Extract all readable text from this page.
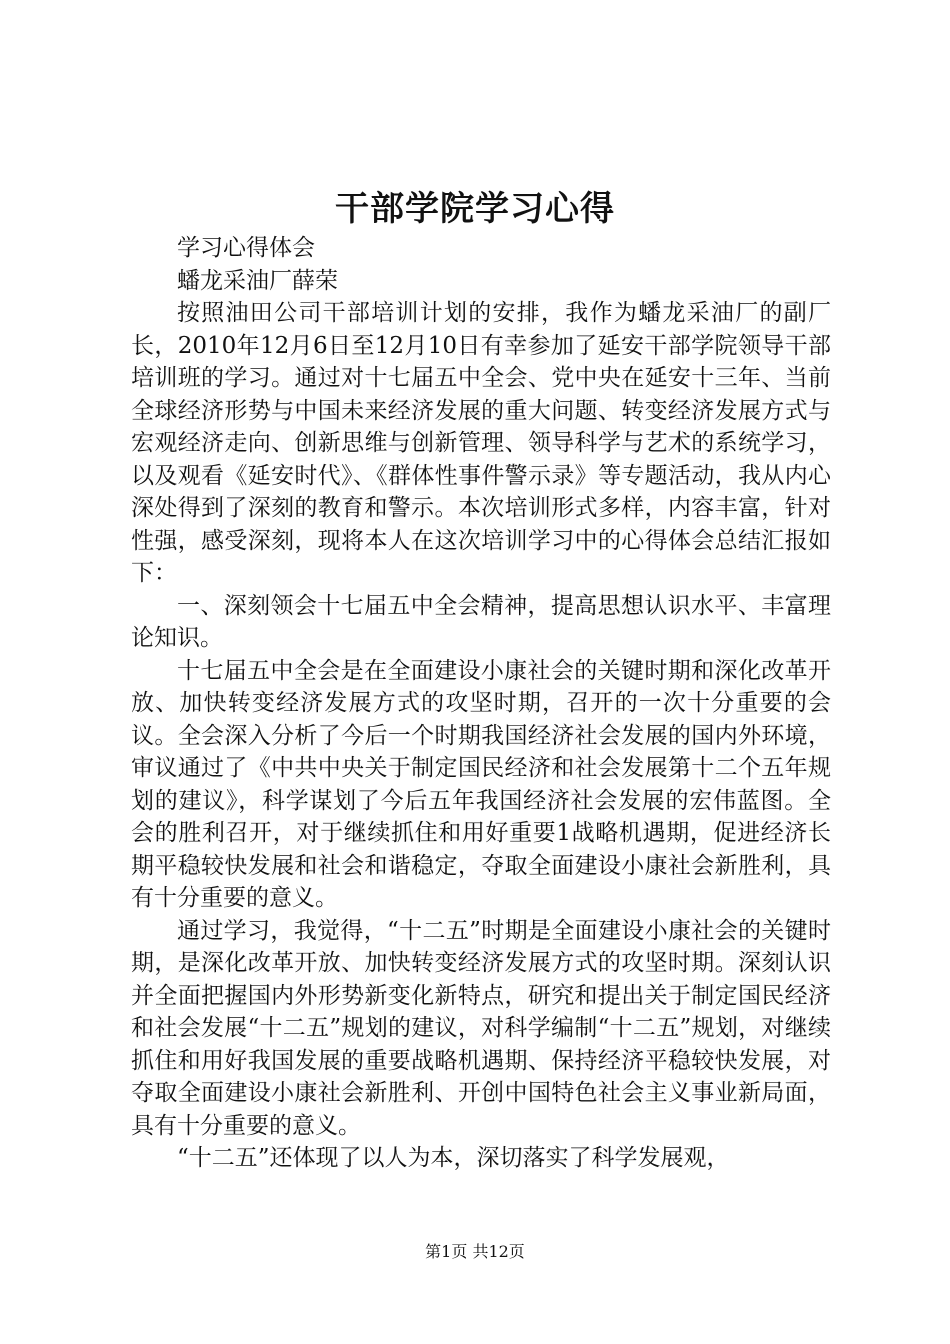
干部学院学习心得

学习心得体会

蟠龙采油厂薛荣

按照油田公司干部培训计划的安排，我作为蟠龙采油厂的副厂长，2010年12月6日至12月10日有幸参加了延安干部学院领导干部培训班的学习。通过对十七届五中全会、党中央在延安十三年、当前全球经济形势与中国未来经济发展的重大问题、转变经济发展方式与宏观经济走向、创新思维与创新管理、领导科学与艺术的系统学习，以及观看《延安时代》、《群体性事件警示录》等专题活动，我从内心深处得到了深刻的教育和警示。本次培训形式多样，内容丰富，针对性强，感受深刻，现将本人在这次培训学习中的心得体会总结汇报如下：

一、深刻领会十七届五中全会精神，提高思想认识水平、丰富理论知识。

十七届五中全会是在全面建设小康社会的关键时期和深化改革开放、加快转变经济发展方式的攻坚时期，召开的一次十分重要的会议。全会深入分析了今后一个时期我国经济社会发展的国内外环境，审议通过了《中共中央关于制定国民经济和社会发展第十二个五年规划的建议》，科学谋划了今后五年我国经济社会发展的宏伟蓝图。全会的胜利召开，对于继续抓住和用好重要1战略机遇期，促进经济长期平稳较快发展和社会和谐稳定，夺取全面建设小康社会新胜利，具有十分重要的意义。

通过学习，我觉得，“十二五”时期是全面建设小康社会的关键时期，是深化改革开放、加快转变经济发展方式的攻坚时期。深刻认识并全面把握国内外形势新变化新特点，研究和提出关于制定国民经济和社会发展“十二五”规划的建议，对科学编制“十二五”规划，对继续抓住和用好我国发展的重要战略机遇期、保持经济平稳较快发展，对夺取全面建设小康社会新胜利、开创中国特色社会主义事业新局面，具有十分重要的意义。

“十二五”还体现了以人为本，深切落实了科学发展观，

第1页 共12页
